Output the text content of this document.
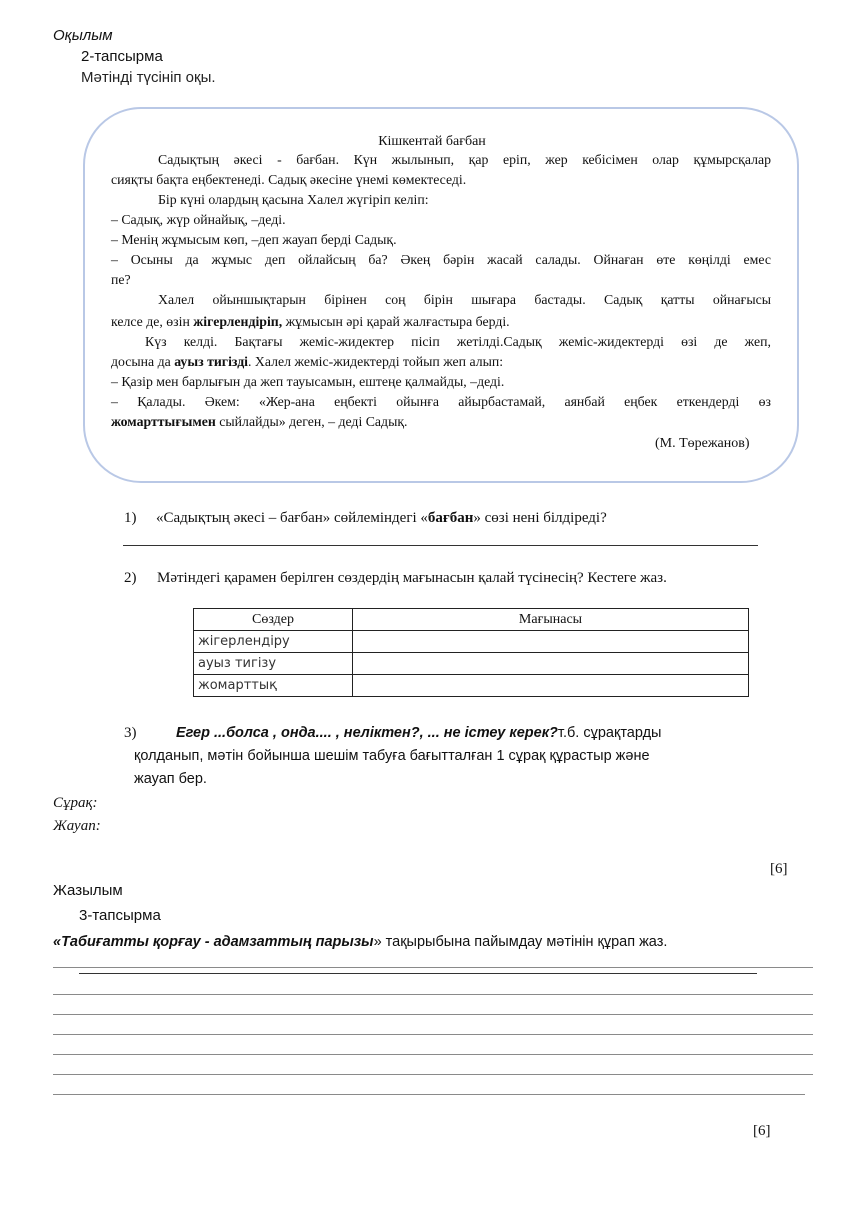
Оқылым
2-тапсырма
Мәтінді түсініп оқы.
Кішкентай бағбан
Садықтың әкесі - бағбан. Күн жылынып, қар еріп, жер кебісімен олар құмырсқалар
сияқты бақта еңбектенеді. Садық әкесіне үнемі көмектеседі.
Бір күні олардың қасына Халел жүгіріп келіп:
– Садық, жүр ойнайық, –деді.
– Менің жұмысым көп, –деп жауап берді Садық.
– Осыны да жұмыс деп ойлайсың ба? Әкең бәрін жасай салады. Ойнаған өте көңілді емес
пе?
Халел ойыншықтарын бірінен соң бірін шығара бастады. Садық қатты ойнағысы
келсе де, өзін жігерлендіріп, жұмысын әрі қарай жалғастыра берді.
Күз келді. Бақтағы жеміс-жидектер пісіп жетілді.Садық жеміс-жидектерді өзі де жеп,
досына да ауыз тигізді. Халел жеміс-жидектерді тойып жеп алып:
– Қазір мен барлығын да жеп тауысамын, ештеңе қалмайды, –деді.
– Қалады. Әкем: «Жер-ана еңбекті ойынға айырбастамай, аянбай еңбек еткендерді өз
жомарттығымен сыйлайды» деген, – деді Садық.
(М. Төрежанов)
1) «Садықтың әкесі – бағбан» сөйлеміндегі «бағбан» сөзі нені білдіреді?
2) Мәтіндегі қарамен берілген сөздердің мағынасын қалай түсінесің? Кестеге жаз.
Сөздер	Мағынасы
жігерлендіру	
ауыз тигізу	
жомарттық	
3)	Егер ...болса , онда.... , неліктен?, ... не істеу керек?т.б. сұрақтарды
қолданып, мәтін бойынша шешім табуға бағытталған 1 сұрақ құрастыр және
жауап бер.
Сұрақ:
Жауап:
[6]
Жазылым
3-тапсырма
«Табиғатты қорғау - адамзаттың парызы» тақырыбына пайымдау мәтінін құрап жаз.
[6]
